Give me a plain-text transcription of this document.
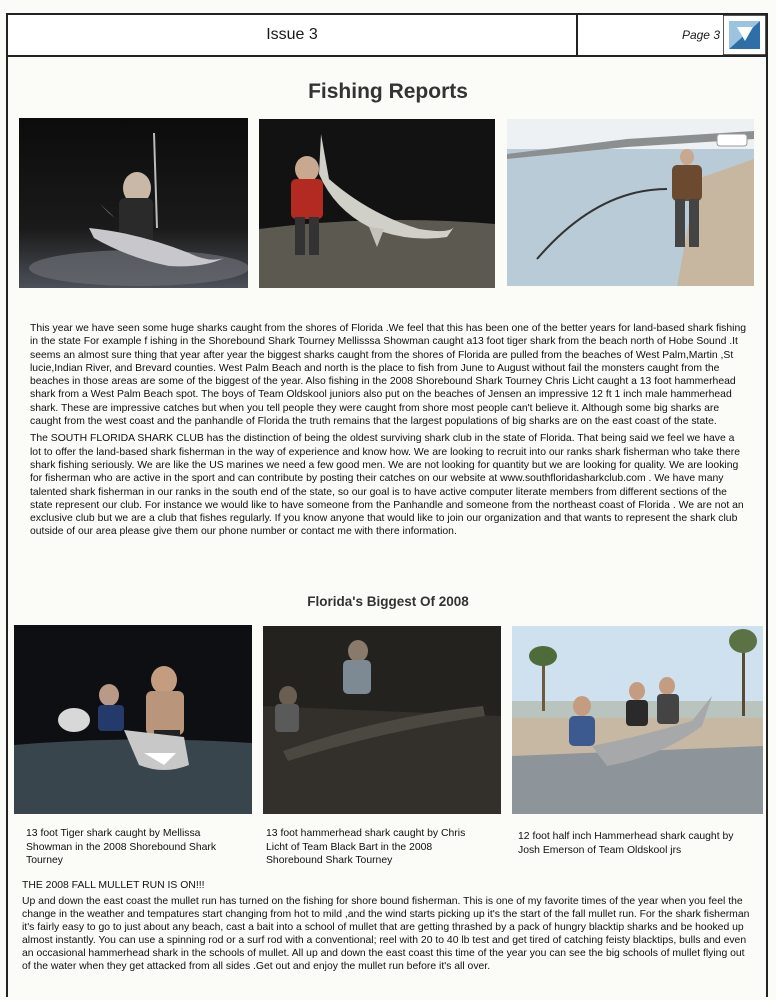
Issue 3	Page 3
Fishing Reports

This year we have seen some huge sharks caught from the shores of Florida .We feel that this has been one of the better years for land-based shark fishing in the state For example f ishing in the Shorebound Shark Tourney Mellisssa Showman caught a13 foot tiger shark from the beach north of Hobe Sound .It seems an almost sure thing that year after year the biggest sharks caught from the shores of Florida are pulled from the beaches of West Palm,Martin ,St lucie,Indian River, and Brevard counties. West Palm Beach and north is the place to fish from June to August without fail the monsters caught from the beaches in those areas are some of the biggest of the year. Also fishing in the 2008 Shorebound Shark Tourney Chris Licht caught a 13 foot hammerhead shark from a West Palm Beach spot. The boys of Team Oldskool juniors also put on the beaches of Jensen an impressive 12 ft 1 inch male hammerhead shark. These are impressive catches but when you tell people they were caught from shore most people can't believe it. Although some big sharks are caught from the west coast and the panhandle of Florida the truth remains that the largest populations of big sharks are on the east coast of the state.

The SOUTH FLORIDA SHARK CLUB has the distinction of being the oldest surviving shark club in the state of Florida. That being said we feel we have a lot to offer the land-based shark fisherman in the way of experience and know how. We are looking to recruit into our ranks shark fisherman who take there shark fishing seriously. We are like the US marines we need a few good men. We are not looking for quantity but we are looking for quality. We are looking for fisherman who are active in the sport and can contribute by posting their catches on our website at www.southfloridasharkclub.com . We have many talented shark fisherman in our ranks in the south end of the state, so our goal is to have active computer literate members from different sections of the state represent our club. For instance we would like to have someone from the Panhandle and someone from the northeast coast of Florida . We are not an exclusive club but we are a club that fishes regularly. If you know anyone that would like to join our organization and that wants to represent the shark club outside of our area please give them our phone number or contact me with there information.

Florida's Biggest Of 2008
13 foot Tiger shark caught by Mellissa Showman in the 2008 Shorebound Shark Tourney
13 foot hammerhead shark caught by Chris Licht of Team Black Bart in the 2008 Shorebound Shark Tourney
12 foot half inch Hammerhead shark caught by Josh Emerson of Team Oldskool jrs
THE 2008 FALL MULLET RUN IS ON!!!
Up and down the east coast the mullet run has turned on the fishing for shore bound fisherman. This is one of my favorite times of the year when you feel the change in the weather and tempatures start changing from hot to mild ,and the wind starts picking up it's the start of the fall mullet run. For the shark fisherman it's fairly easy to go to just about any beach, cast a bait into a school of mullet that are getting thrashed by a pack of hungry blacktip sharks and be hooked up almost instantly. You can use a spinning rod or a surf rod with a conventional; reel with 20 to 40 lb test and get tired of catching feisty blacktips, bulls and even an occasional hammerhead shark in the schools of mullet. All up and down the east coast this time of the year you can see the big schools of mullet flying out of the water when they get attacked from all sides .Get out and enjoy the mullet run before it's all over.
